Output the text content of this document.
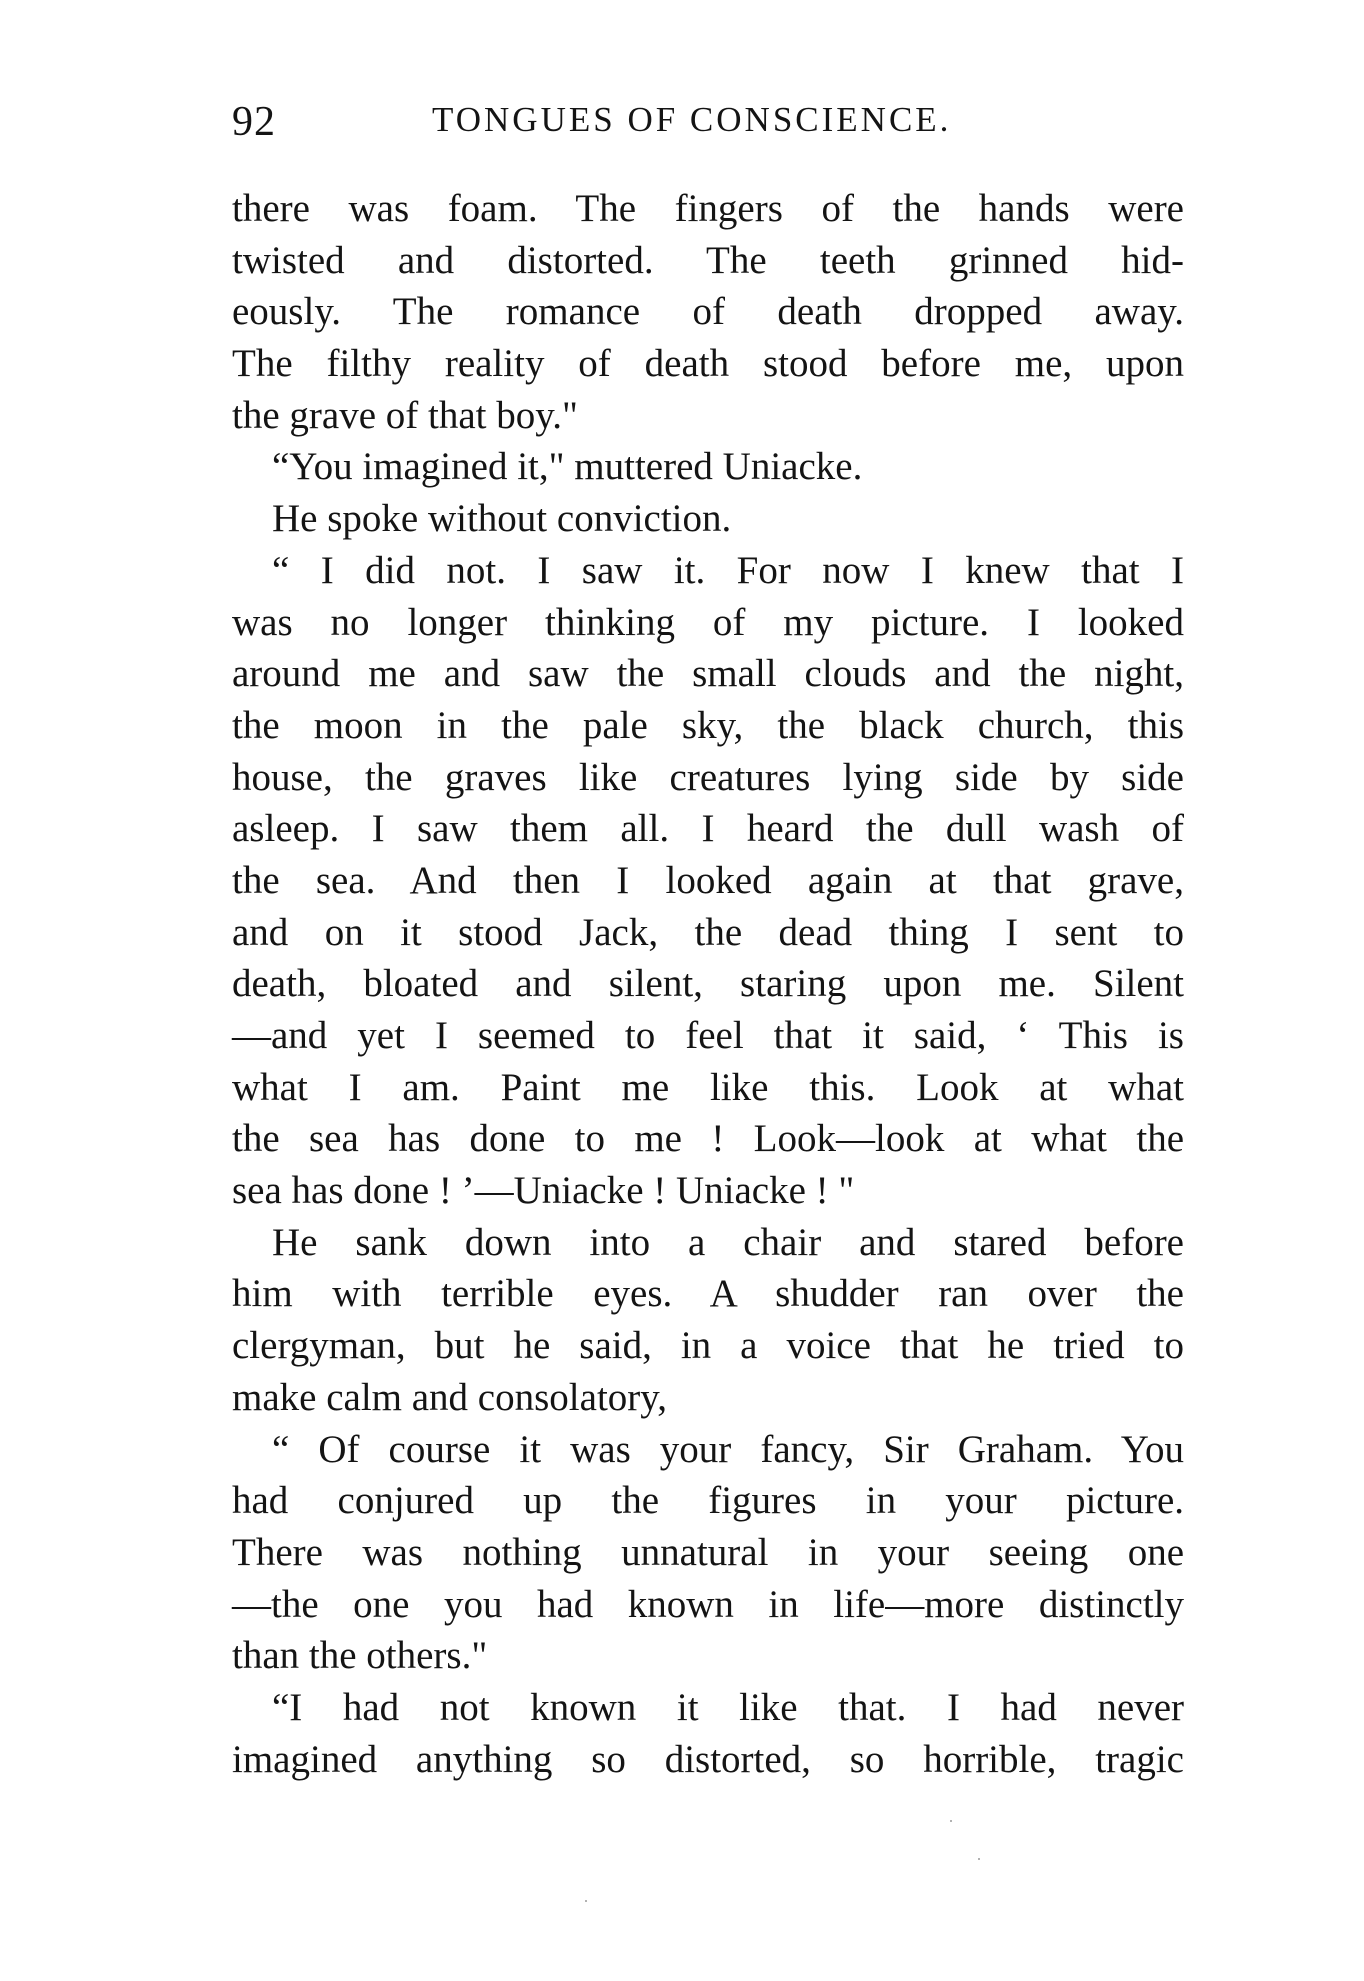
92	TONGUES OF CONSCIENCE.
there was foam. The fingers of the hands were
twisted and distorted. The teeth grinned hid-
eously. The romance of death dropped away.
The filthy reality of death stood before me, upon
the grave of that boy."
“You imagined it," muttered Uniacke.
He spoke without conviction.
“ I did not. I saw it. For now I knew that I
was no longer thinking of my picture. I looked
around me and saw the small clouds and the night,
the moon in the pale sky, the black church, this
house, the graves like creatures lying side by side
asleep. I saw them all. I heard the dull wash of
the sea. And then I looked again at that grave,
and on it stood Jack, the dead thing I sent to
death, bloated and silent, staring upon me. Silent
—and yet I seemed to feel that it said, ‘ This is
what I am. Paint me like this. Look at what
the sea has done to me ! Look—look at what the
sea has done ! ’—Uniacke ! Uniacke ! "
He sank down into a chair and stared before
him with terrible eyes. A shudder ran over the
clergyman, but he said, in a voice that he tried to
make calm and consolatory,
“ Of course it was your fancy, Sir Graham. You
had conjured up the figures in your picture.
There was nothing unnatural in your seeing one
—the one you had known in life—more distinctly
than the others."
“I had not known it like that. I had never
imagined anything so distorted, so horrible, tragic
